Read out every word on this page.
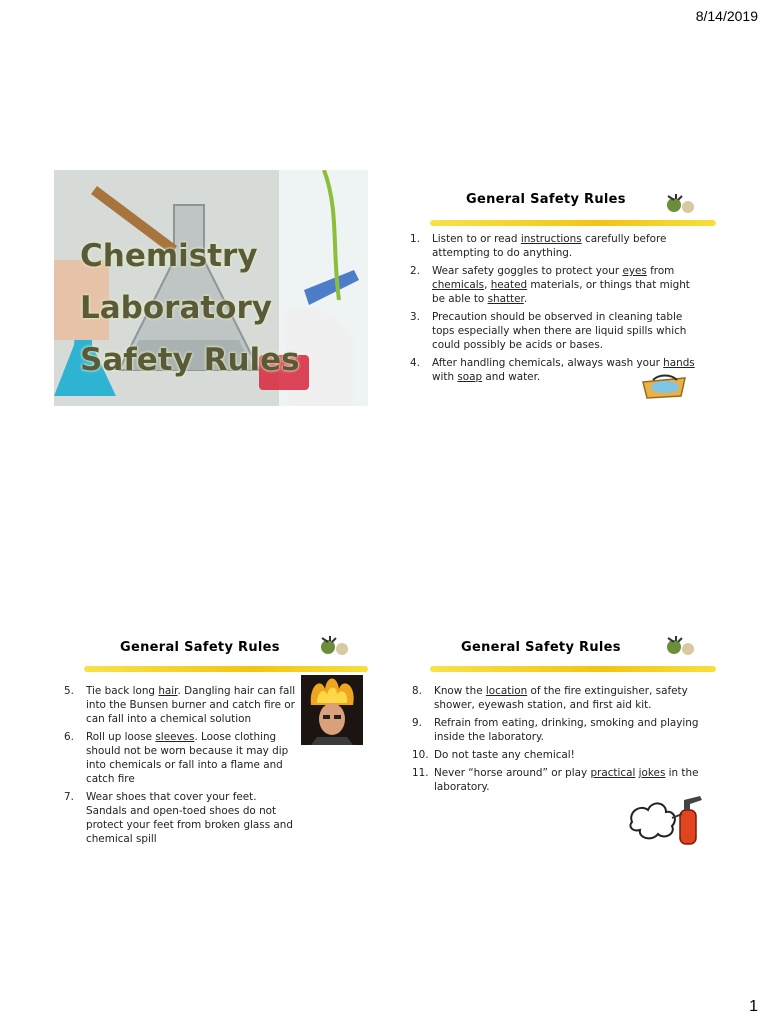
8/14/2019
Chemistry
Laboratory
Safety Rules
General Safety Rules
1. Listen to or read instructions carefully before attempting to do anything.
2. Wear safety goggles to protect your eyes from chemicals, heated materials, or things that might be able to shatter.
3. Precaution should be observed in cleaning table tops especially when there are liquid spills which could possibly be acids or bases.
4. After handling chemicals, always wash your hands with soap and water.
General Safety Rules
5. Tie back long hair. Dangling hair can fall into the Bunsen burner and catch fire or can fall into a chemical solution
6. Roll up loose sleeves. Loose clothing should not be worn because it may dip into chemicals or fall into a flame and catch fire
7. Wear shoes that cover your feet. Sandals and open-toed shoes do not protect your feet from broken glass and chemical spill
General Safety Rules
8. Know the location of the fire extinguisher, safety shower, eyewash station, and first aid kit.
9. Refrain from eating, drinking, smoking and playing inside the laboratory.
10. Do not taste any chemical!
11. Never “horse around” or play practical jokes in the laboratory.
1
